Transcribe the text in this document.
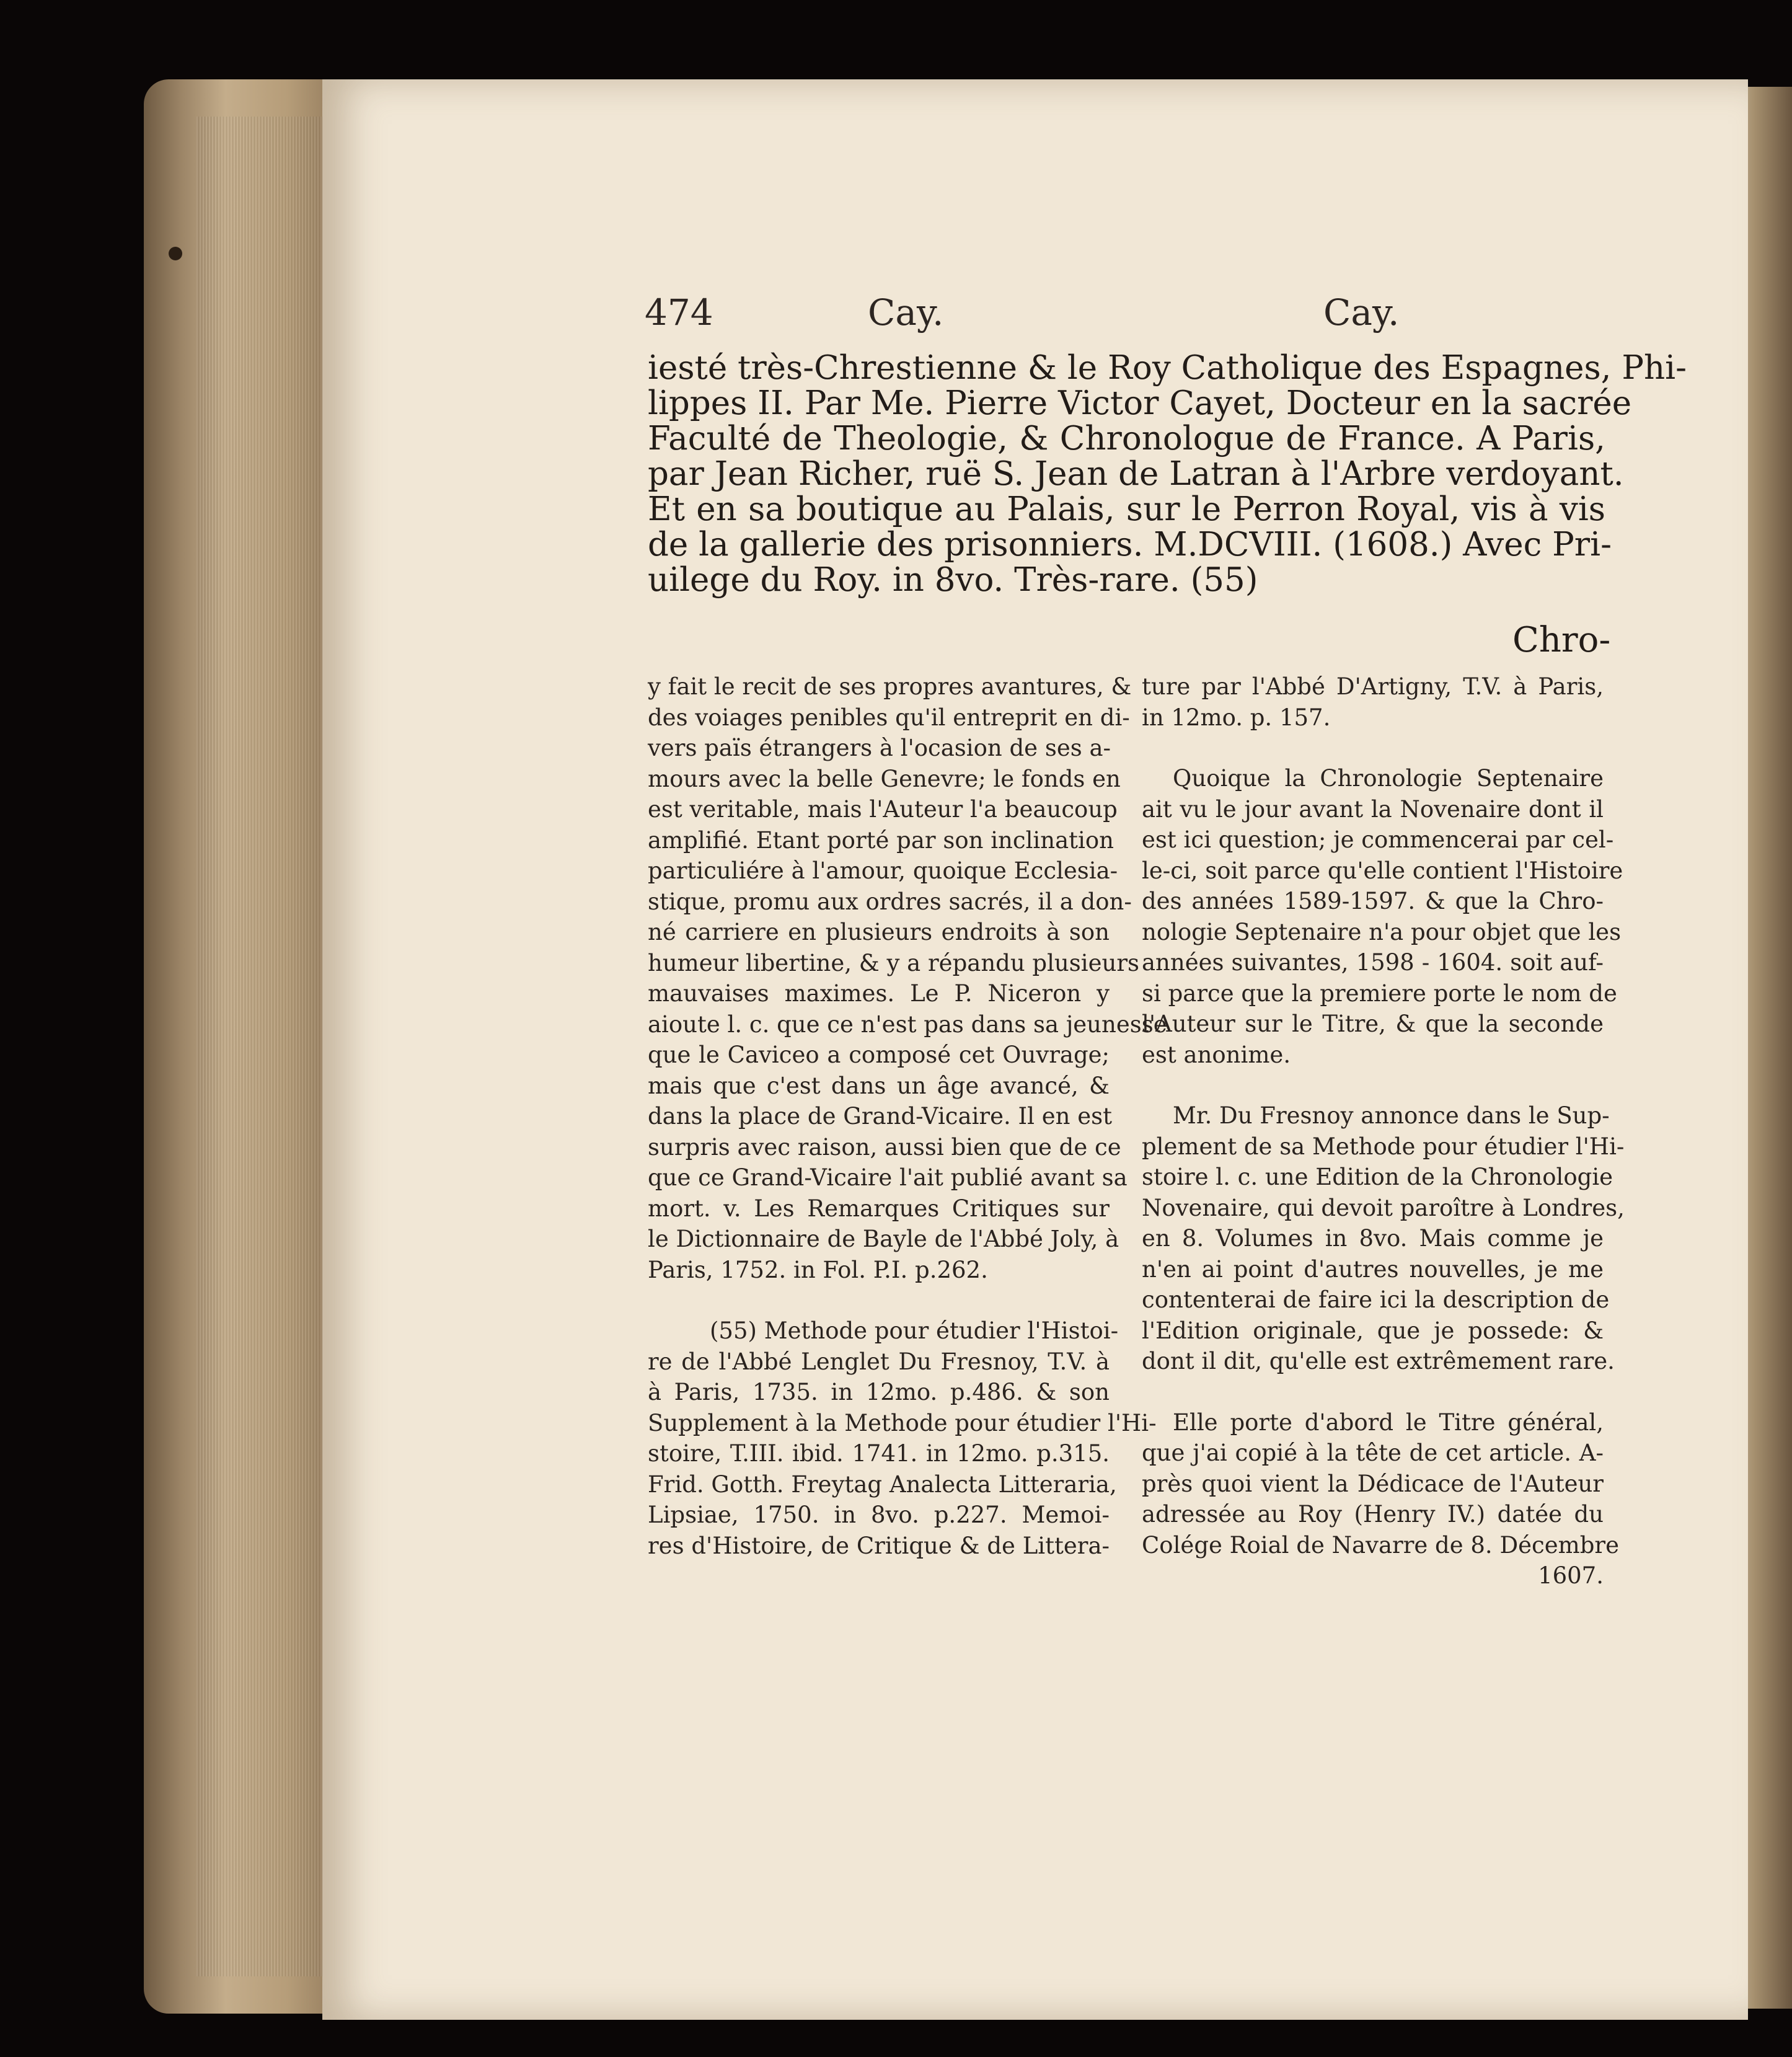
474	Cay.	Cay.
iesté très-Chrestienne & le Roy Catholique des Espagnes, Phi-
lippes II. Par Me. Pierre Victor Cayet, Docteur en la sacrée
Faculté de Theologie, & Chronologue de France. A Paris,
par Jean Richer, ruë S. Jean de Latran à l'Arbre verdoyant.
Et en sa boutique au Palais, sur le Perron Royal, vis à vis
de la gallerie des prisonniers. M.DCVIII. (1608.) Avec Pri-
uilege du Roy. in 8vo. Très-rare. (55)
Chro-
y fait le recit de ses propres avantures, &
des voiages penibles qu'il entreprit en di-
vers païs étrangers à l'ocasion de ses a-
mours avec la belle Genevre; le fonds en
est veritable, mais l'Auteur l'a beaucoup
amplifié. Etant porté par son inclination
particuliére à l'amour, quoique Ecclesia-
stique, promu aux ordres sacrés, il a don-
né carriere en plusieurs endroits à son
humeur libertine, & y a répandu plusieurs
mauvaises maximes. Le P. Niceron y
aioute l. c. que ce n'est pas dans sa jeunesse
que le Caviceo a composé cet Ouvrage;
mais que c'est dans un âge avancé, &
dans la place de Grand-Vicaire. Il en est
surpris avec raison, aussi bien que de ce
que ce Grand-Vicaire l'ait publié avant sa
mort. v. Les Remarques Critiques sur
le Dictionnaire de Bayle de l'Abbé Joly, à
Paris, 1752. in Fol. P.I. p.262.
(55) Methode pour étudier l'Histoi-
re de l'Abbé Lenglet Du Fresnoy, T.V. à
à Paris, 1735. in 12mo. p.486. & son
Supplement à la Methode pour étudier l'Hi-
stoire, T.III. ibid. 1741. in 12mo. p.315.
Frid. Gotth. Freytag Analecta Litteraria,
Lipsiae, 1750. in 8vo. p.227. Memoi-
res d'Histoire, de Critique & de Littera-
ture par l'Abbé D'Artigny, T.V. à Paris,
in 12mo. p. 157.
Quoique la Chronologie Septenaire
ait vu le jour avant la Novenaire dont il
est ici question; je commencerai par cel-
le-ci, soit parce qu'elle contient l'Histoire
des années 1589-1597. & que la Chro-
nologie Septenaire n'a pour objet que les
années suivantes, 1598 - 1604. soit auf-
si parce que la premiere porte le nom de
l'Auteur sur le Titre, & que la seconde
est anonime.
Mr. Du Fresnoy annonce dans le Sup-
plement de sa Methode pour étudier l'Hi-
stoire l. c. une Edition de la Chronologie
Novenaire, qui devoit paroître à Londres,
en 8. Volumes in 8vo. Mais comme je
n'en ai point d'autres nouvelles, je me
contenterai de faire ici la description de
l'Edition originale, que je possede: &
dont il dit, qu'elle est extrêmement rare.
Elle porte d'abord le Titre général,
que j'ai copié à la tête de cet article. A-
près quoi vient la Dédicace de l'Auteur
adressée au Roy (Henry IV.) datée du
Colége Roial de Navarre de 8. Décembre
1607.
